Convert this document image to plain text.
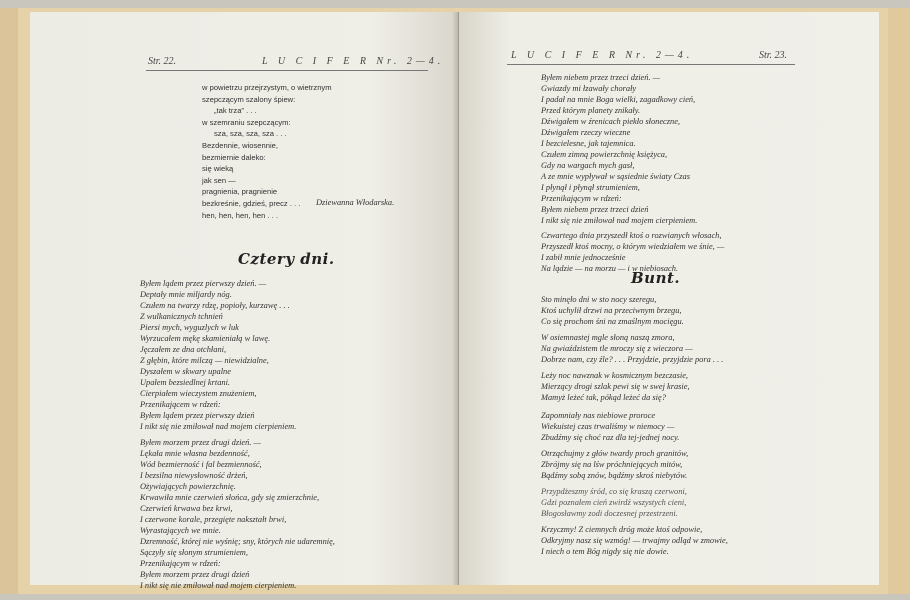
Str. 22.	L U C I F E R Nr. 2—4.
w powietrzu przejrzystym, o wietrznym
szepczącym szalony śpiew:
„tak trza” . . .
w szemraniu szepczącym:
sza, sza, sza, sza . . .
Bezdennie, wiosennie,
bezmiernie daleko:
się wieką
jak sen —
pragnienia, pragnienie
bezkreśnie, gdzieś, precz . . .
hen, hen, hen, hen . . .
Dziewanna Włodarska.
Cztery dni.
Byłem lądem przez pierwszy dzień. —
Deptały mnie miljardy nóg.
Czułem na twarzy rdzę, popioły, kurzawę . . .
Z wulkanicznych tchnień
Piersi mych, wyguzlych w luk
Wyrzucałem mękę skamieniałą w lawę.
Jęczałem ze dna otchłani,
Z głębin, które milczą — niewidzialne,
Dyszałem w skwary upalne
Upałem bezsiedlnej krtani.
Cierpiałem wieczystem znużeniem,
Przenikającem w rdzeń:
Byłem lądem przez pierwszy dzień
I nikt się nie zmiłował nad mojem cierpieniem.
Byłem morzem przez drugi dzień. —
Lękała mnie własna bezdenność,
Wód bezmierność i fal bezmienność,
I bezsilna niewysłowność drżeń,
Ożywiających powierzchnię.
Krwawiła mnie czerwień słońca, gdy się zmierzchnie,
Czerwień krwawa bez krwi,
I czerwone korale, przegięte nakształt brwi,
Wyrastających we mnie.
Dzremność, której nie wyśnię; sny, których nie udaremnię,
Sączyły się słonym strumieniem,
Przenikającym w rdzeń:
Byłem morzem przez drugi dzień
I nikt się nie zmiłował nad mojem cierpieniem.
L U C I F E R Nr. 2—4.	Str. 23.
Byłem niebem przez trzeci dzień. —
Gwiazdy mi łzawały chorały
I padał na mnie Boga wielki, zagadkowy cień,
Przed którym planety znikały.
Dźwigałem w źrenicach piekło słoneczne,
Dźwigałem rzeczy wieczne
I bezcielesne, jak tajemnica.
Czułem zimną powierzchnię księżyca,
Gdy na wargach mych gasł,
A ze mnie wypływał w sąsiednie światy Czas
I płynął i płynął strumieniem,
Przenikającym w rdzeń:
Byłem niebem przez trzeci dzień
I nikt się nie zmiłował nad mojem cierpieniem.
Czwartego dnia przyszedł ktoś o rozwianych włosach,
Przyszedł ktoś mocny, o którym wiedziałem we śnie, —
I zabił mnie jednocześnie
Na lądzie — na morzu — i w niebiosach.
Bunt.
Sto minęło dni w sto nocy szeregu,
Ktoś uchylił drzwi na przeciwnym brzegu,
Co się prochom śni na zmaślnym mocięgu.
W osiemnastej mgle słoną naszą zmora,
Na gwiaździstem tle mroczy się z wieczora —
Dobrze nam, czy źle? . . . Przyjdzie, przyjdzie pora . . .
Leży noc nawznak w kosmicznym bezczasie,
Mierzący drogi szlak pewi się w swej krasie,
Mamyż leżeć tak, pókąd leżeć da się?
Zapomniały nas niebiowe proroce
Wiekuistej czas trwaliśmy w niemocy —
Zbudźmy się choć raz dla tej-jednej nocy.
Otrząchujmy z głów twardy proch granitów,
Zbrójmy się na lśw próchniejących mitów,
Bądźmy sobą znów, bądźmy skroś niebytów.
Przypdżeszmy śród, co się kraszą czerwoni,
Gdzi poznałem cień zwirdź wszystych cieni,
Błogosławmy zodi doczesnej przestrzeni.
Krzyczmy! Z ciemnych dróg może ktoś odpowie,
Odkryjmy nasz się wzmóg! — trwajmy odląd w zmowie,
I niech o tem Bóg nigdy się nie dowie.
